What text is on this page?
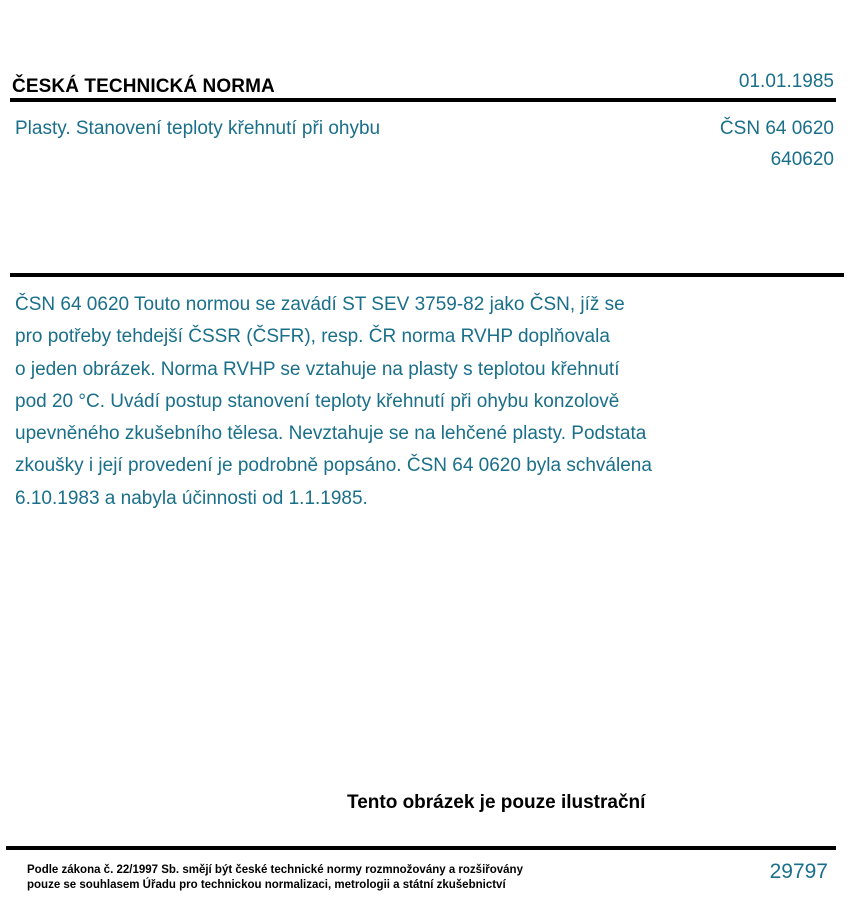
ČESKÁ TECHNICKÁ NORMA	01.01.1985
Plasty. Stanovení teploty křehnutí při ohybu	ČSN 64 0620
640620

ČSN 64 0620 Touto normou se zavádí ST SEV 3759-82 jako ČSN, jíž se
pro potřeby tehdejší ČSSR (ČSFR), resp. ČR norma RVHP doplňovala
o jeden obrázek. Norma RVHP se vztahuje na plasty s teplotou křehnutí
pod 20 °C. Uvádí postup stanovení teploty křehnutí při ohybu konzolově
upevněného zkušebního tělesa. Nevztahuje se na lehčené plasty. Podstata
zkoušky i její provedení je podrobně popsáno. ČSN 64 0620 byla schválena
6.10.1983 a nabyla účinnosti od 1.1.1985.

Tento obrázek je pouze ilustrační
Podle zákona č. 22/1997 Sb. smějí být české technické normy rozmnožovány a rozšiřovány
pouze se souhlasem Úřadu pro technickou normalizaci, metrologii a státní zkušebnictví
29797
